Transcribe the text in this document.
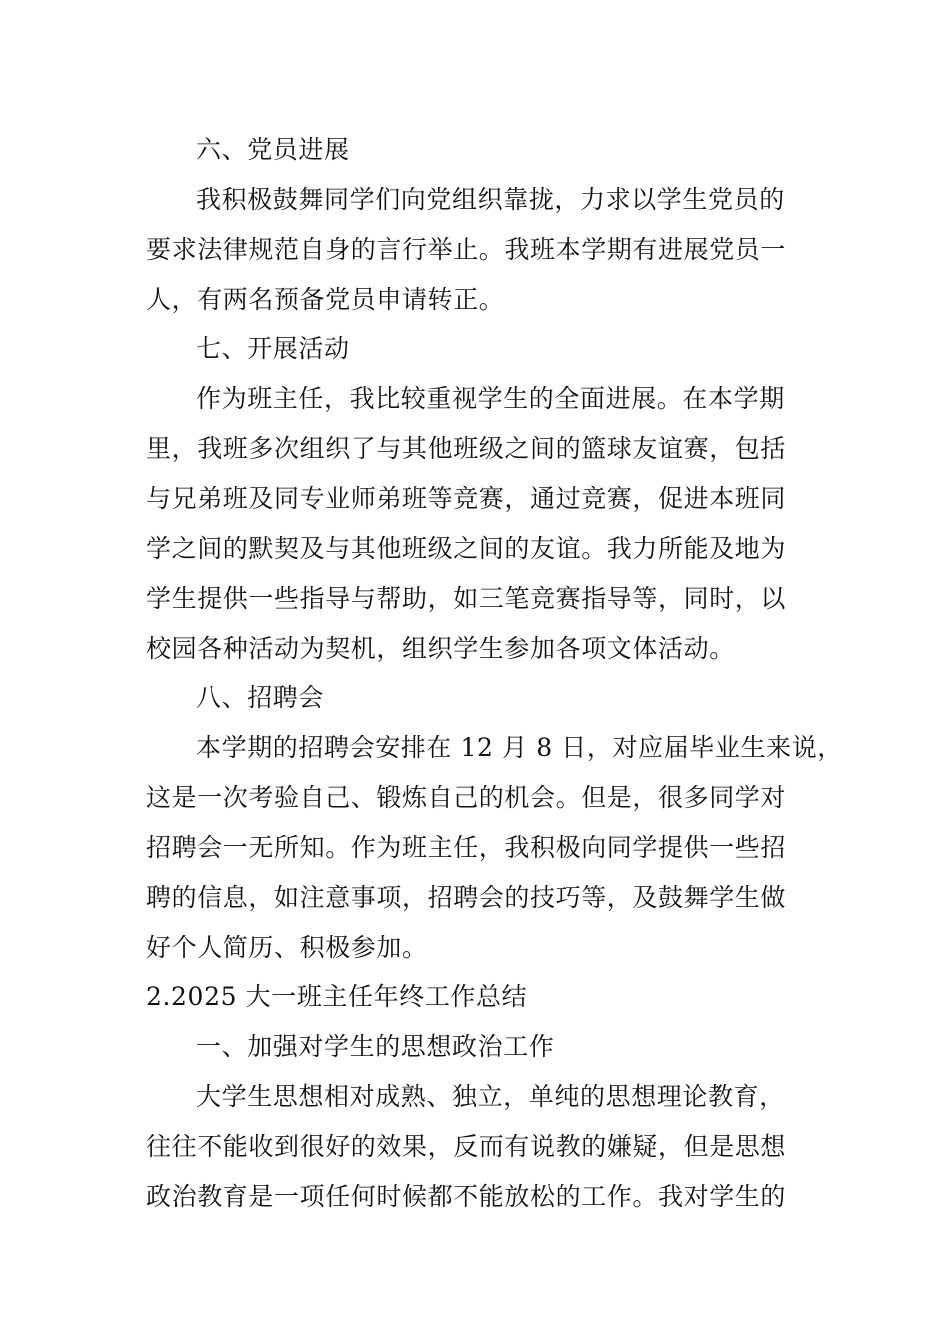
六、党员进展
我积极鼓舞同学们向党组织靠拢，力求以学生党员的
要求法律规范自身的言行举止。我班本学期有进展党员一
人，有两名预备党员申请转正。
七、开展活动
作为班主任，我比较重视学生的全面进展。在本学期
里，我班多次组织了与其他班级之间的篮球友谊赛，包括
与兄弟班及同专业师弟班等竞赛，通过竞赛，促进本班同
学之间的默契及与其他班级之间的友谊。我力所能及地为
学生提供一些指导与帮助，如三笔竞赛指导等，同时，以
校园各种活动为契机，组织学生参加各项文体活动。
八、招聘会
本学期的招聘会安排在 12 月 8 日，对应届毕业生来说，
这是一次考验自己、锻炼自己的机会。但是，很多同学对
招聘会一无所知。作为班主任，我积极向同学提供一些招
聘的信息，如注意事项，招聘会的技巧等，及鼓舞学生做
好个人简历、积极参加。
2.2025 大一班主任年终工作总结
一、加强对学生的思想政治工作
大学生思想相对成熟、独立，单纯的思想理论教育，
往往不能收到很好的效果，反而有说教的嫌疑，但是思想
政治教育是一项任何时候都不能放松的工作。我对学生的
